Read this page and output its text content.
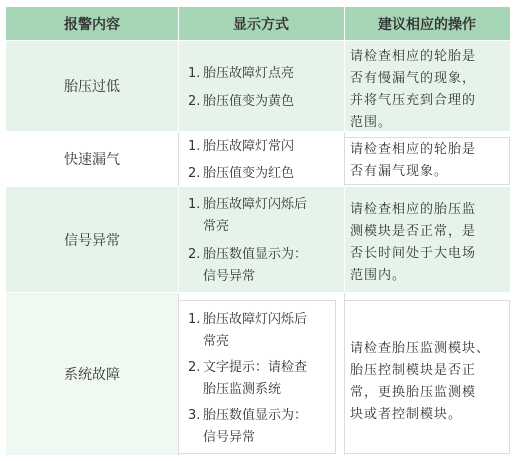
报警内容	显示方式	建议相应的操作
胎压过低
1. 胎压故障灯点亮
2. 胎压值变为黄色
请检查相应的轮胎是
否有慢漏气的现象，
并将气压充到合理的
范围。
快速漏气
1. 胎压故障灯常闪
2. 胎压值变为红色
请检查相应的轮胎是
否有漏气现象。
信号异常
1. 胎压故障灯闪烁后
常亮
2. 胎压数值显示为：
信号异常
请检查相应的胎压监
测模块是否正常，是
否长时间处于大电场
范围内。
系统故障
1. 胎压故障灯闪烁后
常亮
2. 文字提示：请检查
胎压监测系统
3. 胎压数值显示为：
信号异常
请检查胎压监测模块、
胎压控制模块是否正
常，更换胎压监测模
块或者控制模块。
